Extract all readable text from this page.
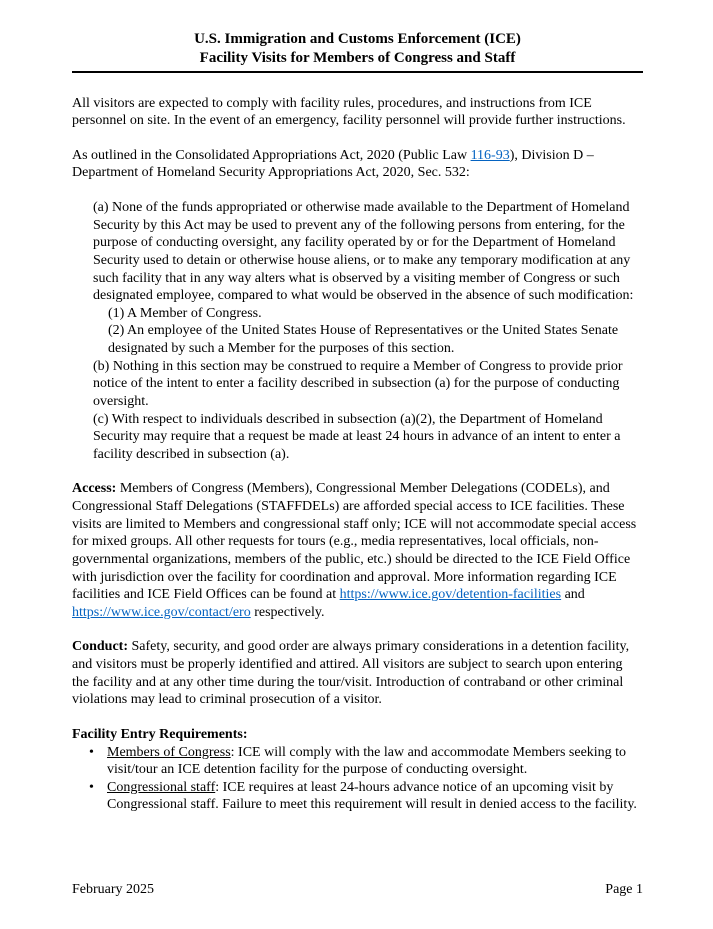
U.S. Immigration and Customs Enforcement (ICE)
Facility Visits for Members of Congress and Staff

All visitors are expected to comply with facility rules, procedures, and instructions from ICE personnel on site. In the event of an emergency, facility personnel will provide further instructions.

As outlined in the Consolidated Appropriations Act, 2020 (Public Law 116-93), Division D – Department of Homeland Security Appropriations Act, 2020, Sec. 532:

(a) None of the funds appropriated or otherwise made available to the Department of Homeland Security by this Act may be used to prevent any of the following persons from entering, for the purpose of conducting oversight, any facility operated by or for the Department of Homeland Security used to detain or otherwise house aliens, or to make any temporary modification at any such facility that in any way alters what is observed by a visiting member of Congress or such designated employee, compared to what would be observed in the absence of such modification:

(1) A Member of Congress.

(2) An employee of the United States House of Representatives or the United States Senate designated by such a Member for the purposes of this section.

(b) Nothing in this section may be construed to require a Member of Congress to provide prior notice of the intent to enter a facility described in subsection (a) for the purpose of conducting oversight.

(c) With respect to individuals described in subsection (a)(2), the Department of Homeland Security may require that a request be made at least 24 hours in advance of an intent to enter a facility described in subsection (a).

Access: Members of Congress (Members), Congressional Member Delegations (CODELs), and Congressional Staff Delegations (STAFFDELs) are afforded special access to ICE facilities. These visits are limited to Members and congressional staff only; ICE will not accommodate special access for mixed groups. All other requests for tours (e.g., media representatives, local officials, non-governmental organizations, members of the public, etc.) should be directed to the ICE Field Office with jurisdiction over the facility for coordination and approval. More information regarding ICE facilities and ICE Field Offices can be found at https://www.ice.gov/detention-facilities and https://www.ice.gov/contact/ero respectively.

Conduct: Safety, security, and good order are always primary considerations in a detention facility, and visitors must be properly identified and attired. All visitors are subject to search upon entering the facility and at any other time during the tour/visit. Introduction of contraband or other criminal violations may lead to criminal prosecution of a visitor.

Facility Entry Requirements:

• Members of Congress: ICE will comply with the law and accommodate Members seeking to visit/tour an ICE detention facility for the purpose of conducting oversight.
• Congressional staff: ICE requires at least 24-hours advance notice of an upcoming visit by Congressional staff. Failure to meet this requirement will result in denied access to the facility.
February 2025	Page 1
